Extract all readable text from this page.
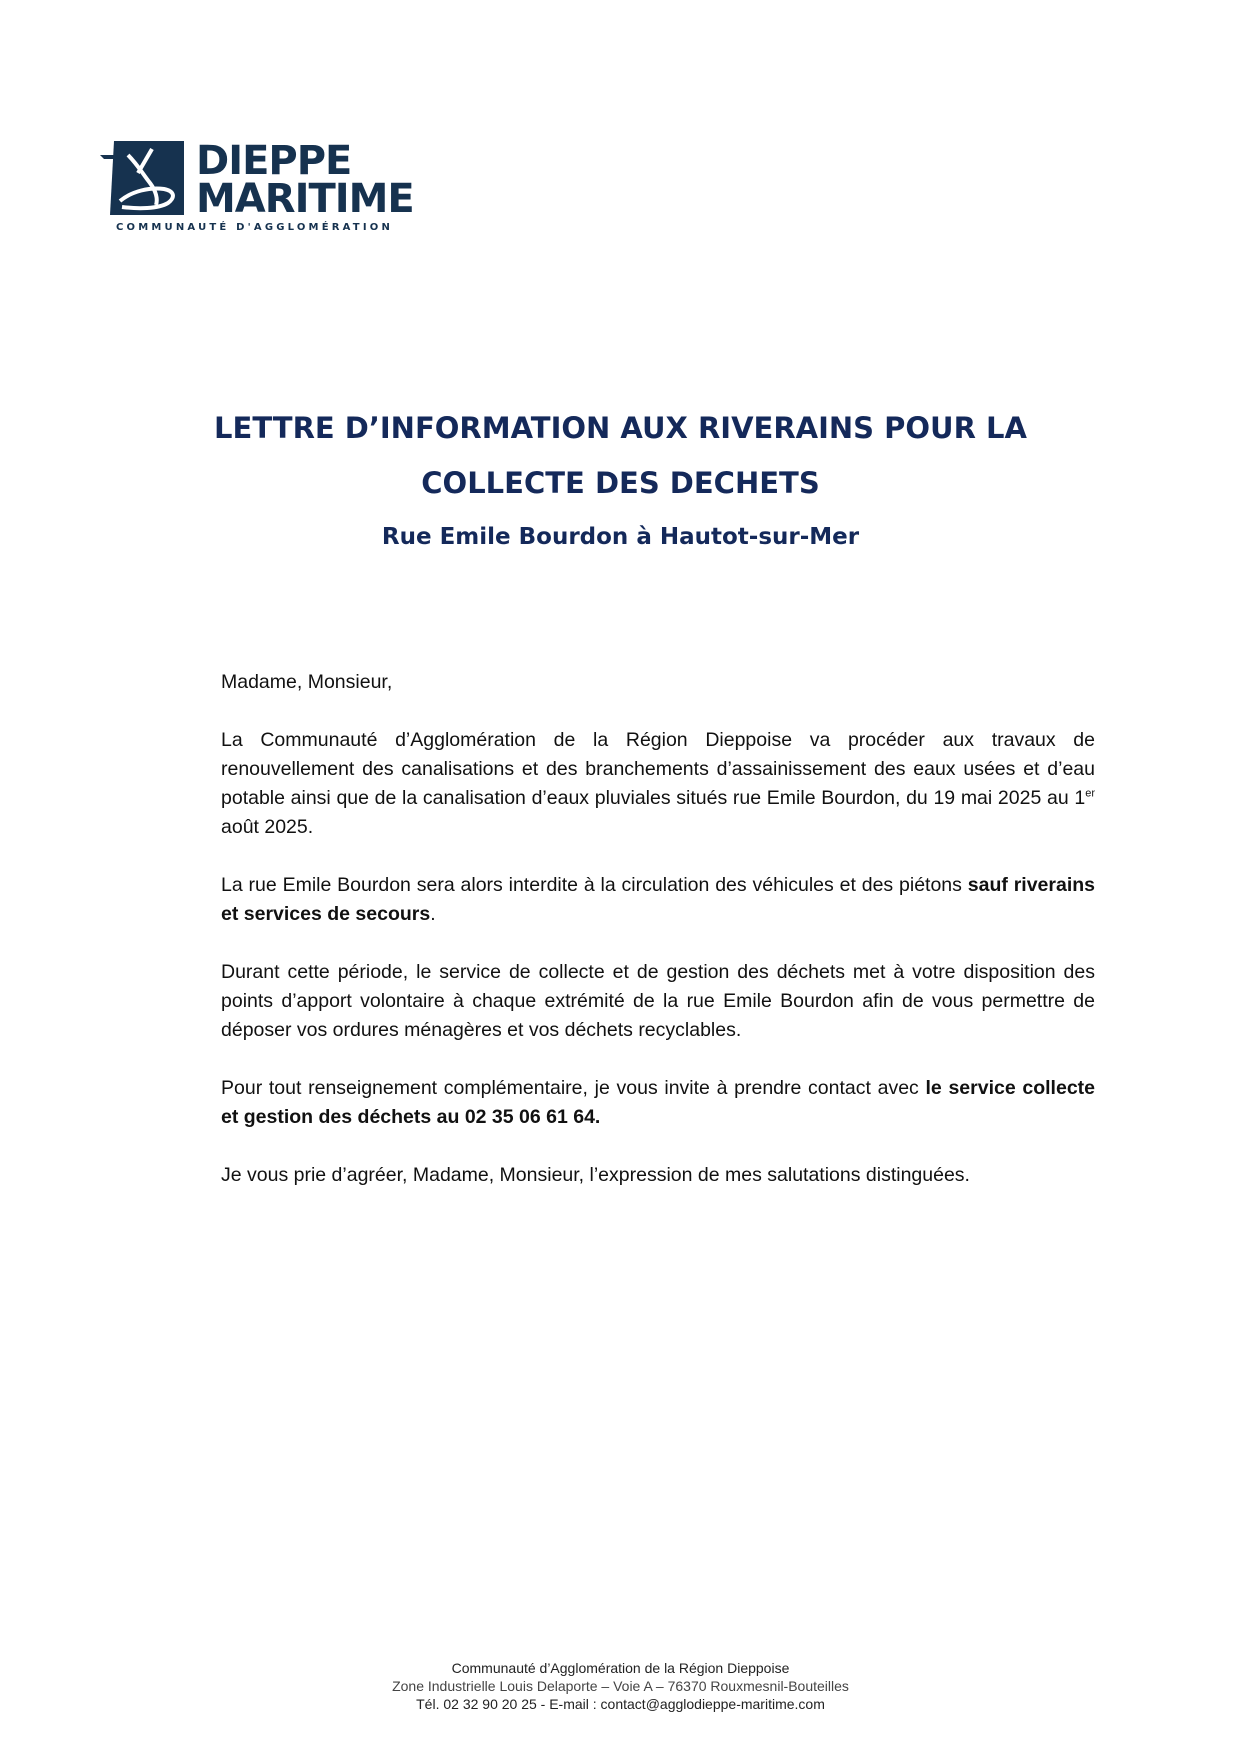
DIEPPE
MARITIME
COMMUNAUTÉ D'AGGLOMÉRATION
LETTRE D’INFORMATION AUX RIVERAINS POUR LA
COLLECTE DES DECHETS
Rue Emile Bourdon à Hautot-sur-Mer

Madame, Monsieur,

La Communauté d’Agglomération de la Région Dieppoise va procéder aux travaux de renouvellement des canalisations et des branchements d’assainissement des eaux usées et d’eau potable ainsi que de la canalisation d’eaux pluviales situés rue Emile Bourdon, du 19 mai 2025 au 1er août 2025.

La rue Emile Bourdon sera alors interdite à la circulation des véhicules et des piétons sauf riverains et services de secours.

Durant cette période, le service de collecte et de gestion des déchets met à votre disposition des points d’apport volontaire à chaque extrémité de la rue Emile Bourdon afin de vous permettre de déposer vos ordures ménagères et vos déchets recyclables.

Pour tout renseignement complémentaire, je vous invite à prendre contact avec le service collecte et gestion des déchets au 02 35 06 61 64.

Je vous prie d’agréer, Madame, Monsieur, l’expression de mes salutations distinguées.

Communauté d’Agglomération de la Région Dieppoise
Zone Industrielle Louis Delaporte – Voie A – 76370 Rouxmesnil-Bouteilles
Tél. 02 32 90 20 25 - E-mail : contact@agglodieppe-maritime.com
